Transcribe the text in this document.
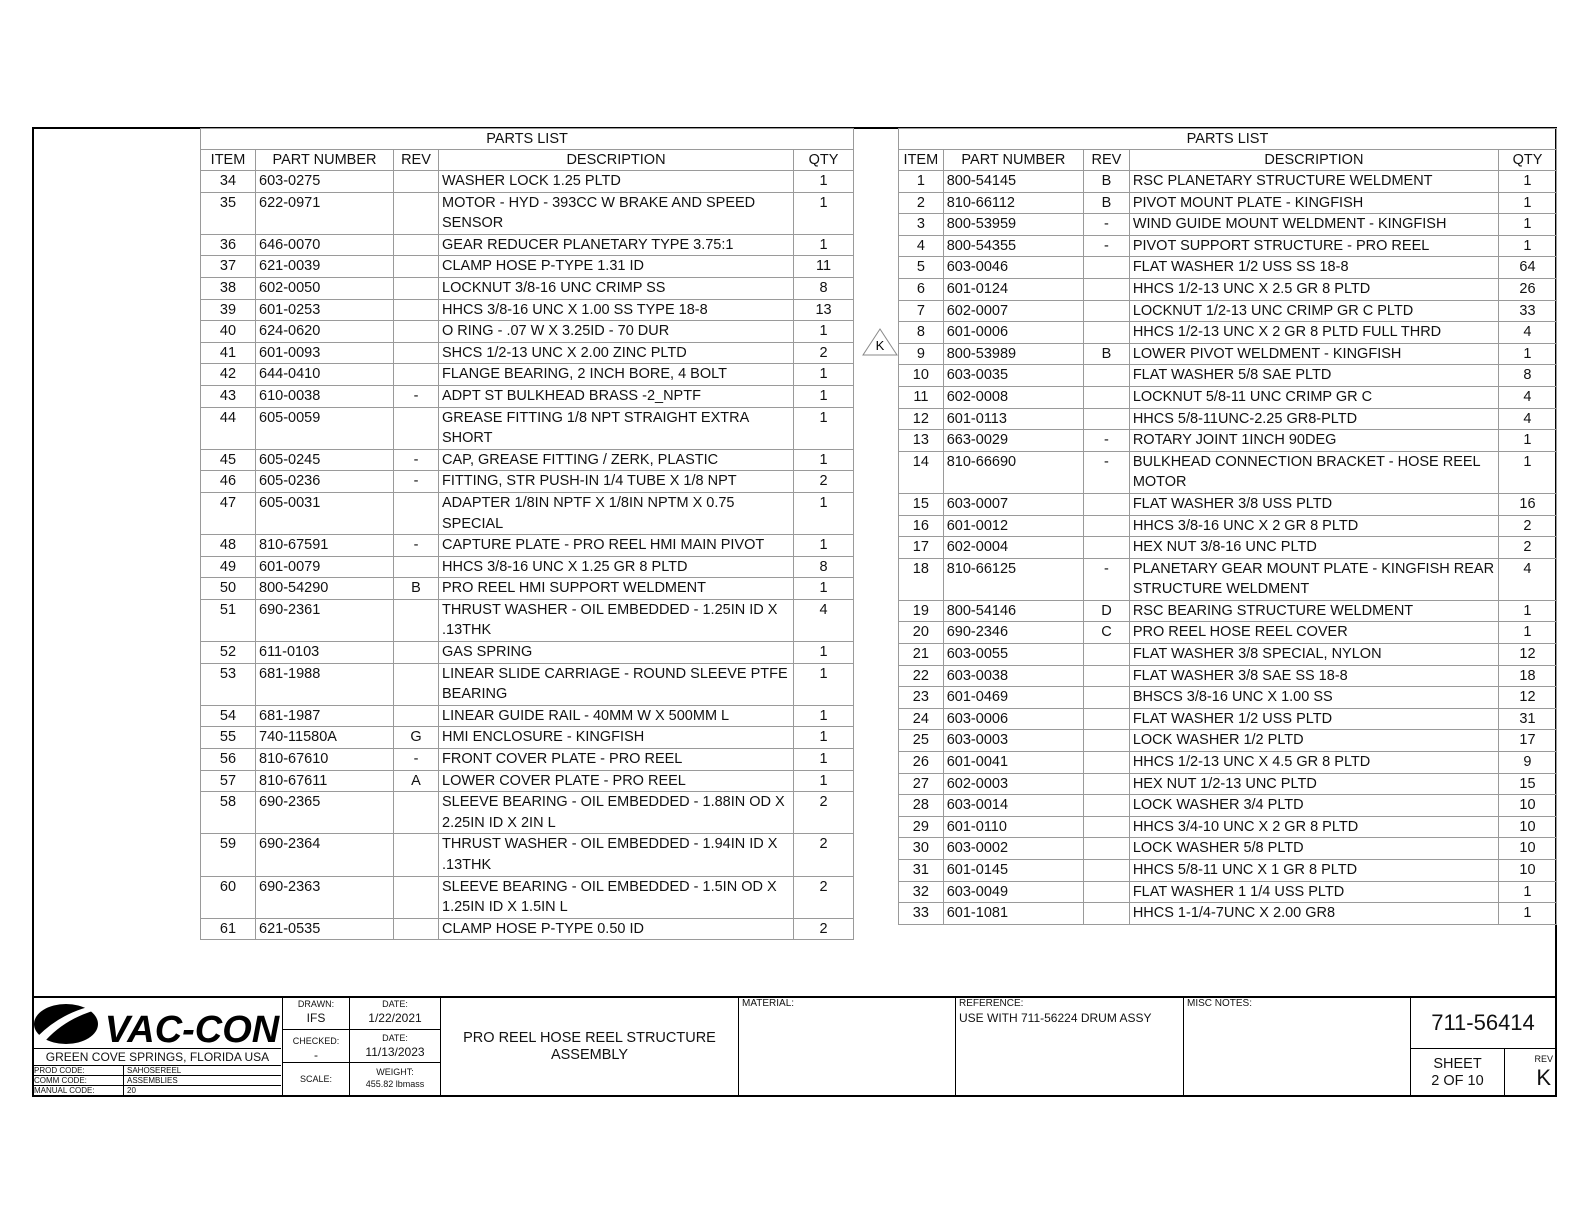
PARTS LIST				
ITEM	PART NUMBER	REV	DESCRIPTION	QTY
34	603-0275		WASHER LOCK 1.25 PLTD	1
35	622-0971		MOTOR - HYD - 393CC W BRAKE AND SPEED SENSOR	1
36	646-0070		GEAR REDUCER PLANETARY TYPE 3.75:1	1
37	621-0039		CLAMP HOSE P-TYPE 1.31 ID	11
38	602-0050		LOCKNUT 3/8-16 UNC CRIMP SS	8
39	601-0253		HHCS 3/8-16 UNC X 1.00 SS TYPE 18-8	13
40	624-0620		O RING - .07 W X 3.25ID - 70 DUR	1
41	601-0093		SHCS 1/2-13 UNC X 2.00 ZINC PLTD	2
42	644-0410		FLANGE BEARING, 2 INCH BORE, 4 BOLT	1
43	610-0038	-	ADPT ST BULKHEAD BRASS -2_NPTF	1
44	605-0059		GREASE FITTING 1/8 NPT STRAIGHT EXTRA SHORT	1
45	605-0245	-	CAP, GREASE FITTING / ZERK, PLASTIC	1
46	605-0236	-	FITTING, STR PUSH-IN 1/4 TUBE X 1/8 NPT	2
47	605-0031		ADAPTER 1/8IN NPTF X 1/8IN NPTM X 0.75 SPECIAL	1
48	810-67591	-	CAPTURE PLATE - PRO REEL HMI MAIN PIVOT	1
49	601-0079		HHCS 3/8-16 UNC X 1.25 GR 8 PLTD	8
50	800-54290	B	PRO REEL HMI SUPPORT WELDMENT	1
51	690-2361		THRUST WASHER - OIL EMBEDDED - 1.25IN ID X .13THK	4
52	611-0103		GAS SPRING	1
53	681-1988		LINEAR SLIDE CARRIAGE - ROUND SLEEVE PTFE BEARING	1
54	681-1987		LINEAR GUIDE RAIL - 40MM W X 500MM L	1
55	740-11580A	G	HMI ENCLOSURE - KINGFISH	1
56	810-67610	-	FRONT COVER PLATE - PRO REEL	1
57	810-67611	A	LOWER COVER PLATE - PRO REEL	1
58	690-2365		SLEEVE BEARING - OIL EMBEDDED - 1.88IN OD X 2.25IN ID X 2IN L	2
59	690-2364		THRUST WASHER - OIL EMBEDDED - 1.94IN ID X .13THK	2
60	690-2363		SLEEVE BEARING - OIL EMBEDDED - 1.5IN OD X 1.25IN ID X 1.5IN L	2
61	621-0535		CLAMP HOSE P-TYPE 0.50 ID	2
PARTS LIST				
ITEM	PART NUMBER	REV	DESCRIPTION	QTY
1	800-54145	B	RSC PLANETARY STRUCTURE WELDMENT	1
2	810-66112	B	PIVOT MOUNT PLATE - KINGFISH	1
3	800-53959	-	WIND GUIDE MOUNT WELDMENT - KINGFISH	1
4	800-54355	-	PIVOT SUPPORT STRUCTURE - PRO REEL	1
5	603-0046		FLAT WASHER 1/2 USS SS 18-8	64
6	601-0124		HHCS 1/2-13 UNC X 2.5 GR 8 PLTD	26
7	602-0007		LOCKNUT 1/2-13 UNC CRIMP GR C PLTD	33
8	601-0006		HHCS 1/2-13 UNC X 2 GR 8 PLTD FULL THRD	4
9	800-53989	B	LOWER PIVOT WELDMENT - KINGFISH	1
10	603-0035		FLAT WASHER 5/8 SAE PLTD	8
11	602-0008		LOCKNUT 5/8-11 UNC CRIMP GR C	4
12	601-0113		HHCS 5/8-11UNC-2.25 GR8-PLTD	4
13	663-0029	-	ROTARY JOINT 1INCH 90DEG	1
14	810-66690	-	BULKHEAD CONNECTION BRACKET - HOSE REEL MOTOR	1
15	603-0007		FLAT WASHER 3/8 USS PLTD	16
16	601-0012		HHCS 3/8-16 UNC X 2 GR 8 PLTD	2
17	602-0004		HEX NUT 3/8-16 UNC PLTD	2
18	810-66125	-	PLANETARY GEAR MOUNT PLATE - KINGFISH REAR STRUCTURE WELDMENT	4
19	800-54146	D	RSC BEARING STRUCTURE WELDMENT	1
20	690-2346	C	PRO REEL HOSE REEL COVER	1
21	603-0055		FLAT WASHER 3/8 SPECIAL, NYLON	12
22	603-0038		FLAT WASHER 3/8 SAE SS 18-8	18
23	601-0469		BHSCS 3/8-16 UNC X 1.00 SS	12
24	603-0006		FLAT WASHER 1/2 USS PLTD	31
25	603-0003		LOCK WASHER 1/2 PLTD	17
26	601-0041		HHCS 1/2-13 UNC X 4.5 GR 8 PLTD	9
27	602-0003		HEX NUT 1/2-13 UNC PLTD	15
28	603-0014		LOCK WASHER 3/4 PLTD	10
29	601-0110		HHCS 3/4-10 UNC X 2 GR 8 PLTD	10
30	603-0002		LOCK WASHER 5/8 PLTD	10
31	601-0145		HHCS 5/8-11 UNC X 1 GR 8 PLTD	10
32	603-0049		FLAT WASHER 1 1/4 USS PLTD	1
33	601-1081		HHCS 1-1/4-7UNC X 2.00 GR8	1
K
VAC-CON
GREEN COVE SPRINGS, FLORIDA USA
PROD CODE:	SAHOSEREEL
COMM CODE:	ASSEMBLIES
MANUAL CODE:	20
DRAWN:
IFS
CHECKED:
-
SCALE:
DATE:
1/22/2021
DATE:
11/13/2023
WEIGHT:
455.82 lbmass
PRO REEL HOSE REEL STRUCTURE
ASSEMBLY
MATERIAL:	REFERENCE:
USE WITH 711-56224 DRUM ASSY
MISC NOTES:
711-56414
SHEET
2 OF 10
REV
K
